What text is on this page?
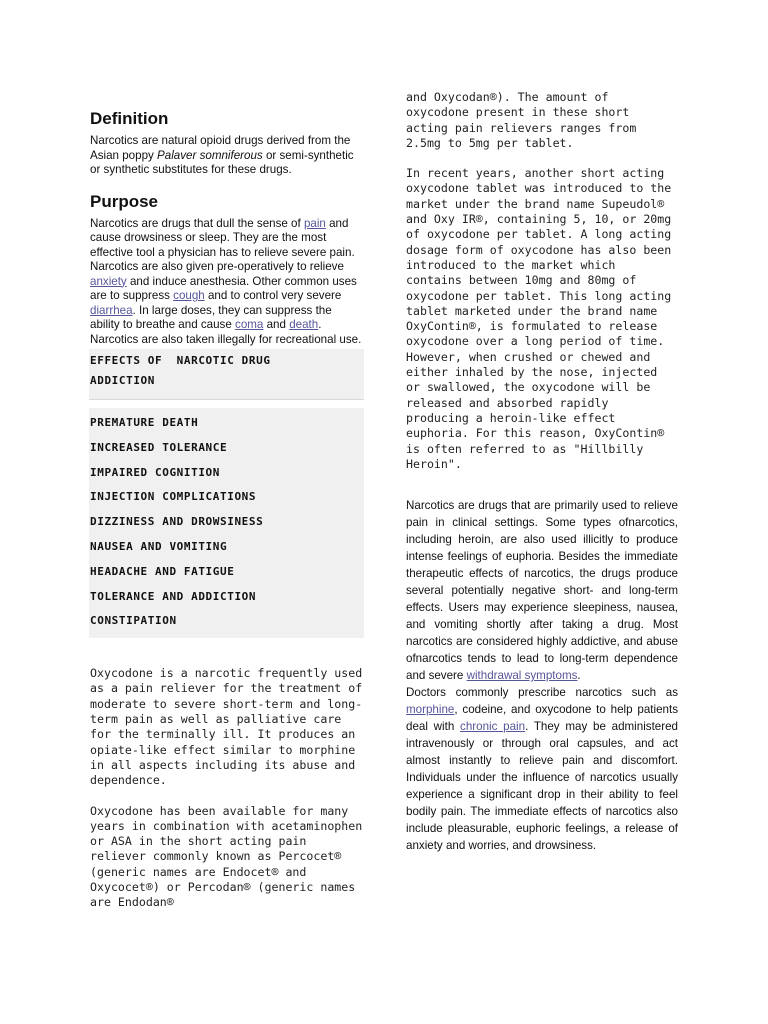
Definition

Narcotics are natural opioid drugs derived from the Asian poppy Palaver somniferous or semi-synthetic or synthetic substitutes for these drugs.

Purpose

Narcotics are drugs that dull the sense of pain and cause drowsiness or sleep. They are the most effective tool a physician has to relieve severe pain. Narcotics are also given pre-operatively to relieve anxiety and induce anesthesia. Other common uses are to suppress cough and to control very severe diarrhea. In large doses, they can suppress the ability to breathe and cause coma and death. Narcotics are also taken illegally for recreational use.

EFFECTS OF  NARCOTIC DRUG
ADDICTION
PREMATURE DEATH
INCREASED TOLERANCE
IMPAIRED COGNITION
INJECTION COMPLICATIONS
DIZZINESS AND DROWSINESS
NAUSEA AND VOMITING
HEADACHE AND FATIGUE
TOLERANCE AND ADDICTION
CONSTIPATION

Oxycodone is a narcotic frequently used as a pain reliever for the treatment of moderate to severe short-term and long-term pain as well as palliative care for the terminally ill. It produces an opiate-like effect similar to morphine in all aspects including its abuse and dependence.

Oxycodone has been available for many years in combination with acetaminophen or ASA in the short acting pain reliever commonly known as Percocet® (generic names are Endocet® and Oxycocet®) or Percodan® (generic names are Endodan®

and Oxycodan®). The amount of oxycodone present in these short acting pain relievers ranges from 2.5mg to 5mg per tablet.

In recent years, another short acting oxycodone tablet was introduced to the market under the brand name Supeudol® and Oxy IR®, containing 5, 10, or 20mg of oxycodone per tablet. A long acting dosage form of oxycodone has also been introduced to the market which contains between 10mg and 80mg of oxycodone per tablet. This long acting tablet marketed under the brand name OxyContin®, is formulated to release oxycodone over a long period of time. However, when crushed or chewed and either inhaled by the nose, injected or swallowed, the oxycodone will be released and absorbed rapidly producing a heroin-like effect euphoria. For this reason, OxyContin® is often referred to as "Hillbilly Heroin".

Narcotics are drugs that are primarily used to relieve pain in clinical settings. Some types ofnarcotics, including heroin, are also used illicitly to produce intense feelings of euphoria. Besides the immediate therapeutic effects of narcotics, the drugs produce several potentially negative short- and long-term effects. Users may experience sleepiness, nausea, and vomiting shortly after taking a drug. Most narcotics are considered highly addictive, and abuse ofnarcotics tends to lead to long-term dependence and severe withdrawal symptoms.

Doctors commonly prescribe narcotics such as morphine, codeine, and oxycodone to help patients deal with chronic pain. They may be administered intravenously or through oral capsules, and act almost instantly to relieve pain and discomfort. Individuals under the influence of narcotics usually experience a significant drop in their ability to feel bodily pain. The immediate effects of narcotics also include pleasurable, euphoric feelings, a release of anxiety and worries, and drowsiness.
